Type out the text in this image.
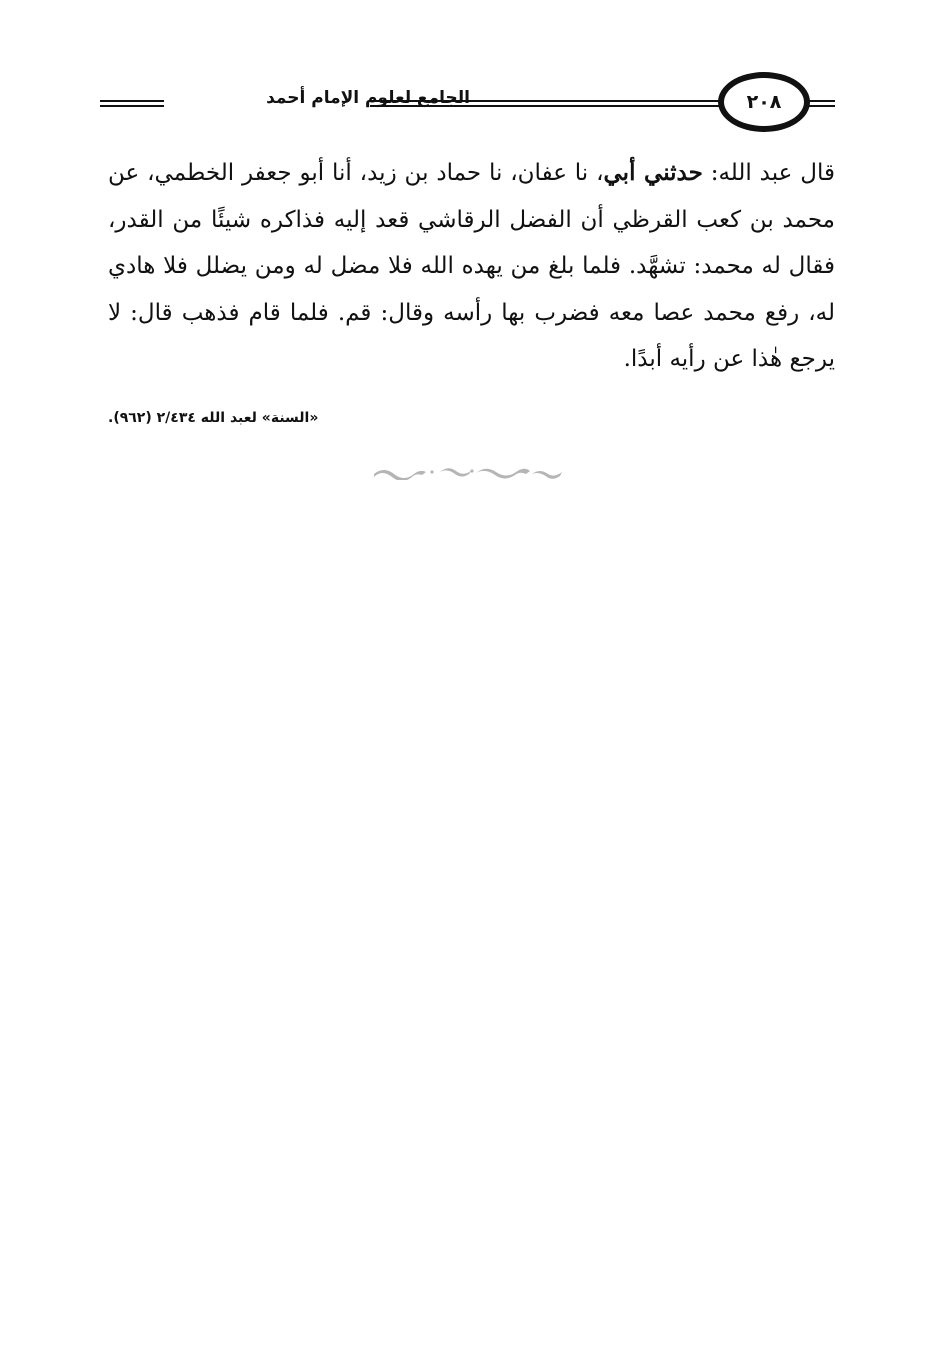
الجامع لعلوم الإمام أحمد	٢٠٨
قال عبد الله: حدثني أبي، نا عفان، نا حماد بن زيد، أنا أبو جعفر الخطمي، عن محمد بن كعب القرظي أن الفضل الرقاشي قعد إليه فذاكره شيئًا من القدر، فقال له محمد: تشهَّد. فلما بلغ من يهده الله فلا مضل له ومن يضلل فلا هادي له، رفع محمد عصا معه فضرب بها رأسه وقال: قم. فلما قام فذهب قال: لا يرجع هٰذا عن رأيه أبدًا.
«السنة» لعبد الله ٢/٤٣٤ (٩٦٢).
